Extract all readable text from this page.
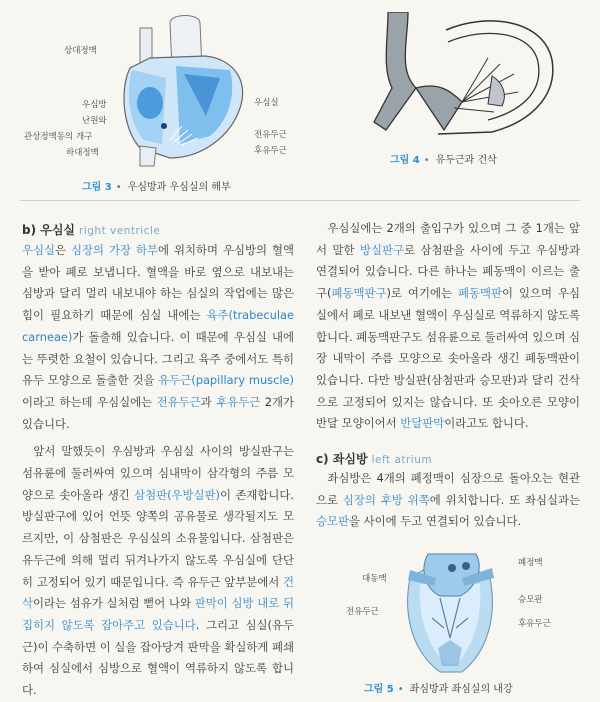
상대정맥
우심방
난원와
관상정맥동의 개구
하대정맥
우심실
전유두근
후유두근
그림 3 • 우심방과 우심실의 해부
그림 4 • 유두근과 건삭
b) 우심실 right ventricle

우심실은 심장의 가장 하부에 위치하며 우심방의 혈액을 받아 폐로 보냅니다. 혈액을 바로 옆으로 내보내는 심방과 달리 멀리 내보내야 하는 심실의 작업에는 많은 힘이 필요하기 때문에 심실 내에는 육주(trabeculae carneae)가 돌출해 있습니다. 이 때문에 우심실 내에는 뚜렷한 요철이 있습니다. 그리고 육주 중에서도 특히 유두 모양으로 돌출한 것을 유두근(papillary muscle)이라고 하는데 우심실에는 전유두근과 후유두근 2개가 있습니다.

앞서 말했듯이 우심방과 우심실 사이의 방실판구는 섬유륜에 둘러싸여 있으며 심내막이 삼각형의 주름 모양으로 솟아올라 생긴 삼첨판(우방실판)이 존재합니다. 방실판구에 있어 언뜻 양쪽의 공유물로 생각될지도 모르지만, 이 삼첨판은 우심실의 소유물입니다. 삼첨판은 유두근에 의해 멀리 뒤겨나가지 않도록 우심실에 단단히 고정되어 있기 때문입니다. 즉 유두근 앞부분에서 건삭이라는 섬유가 실처럼 뻗어 나와 판막이 심방 내로 뒤집히지 않도록 잡아주고 있습니다. 그리고 심실(유두근)이 수축하면 이 실을 잡아당겨 판막을 확실하게 폐쇄하여 심실에서 심방으로 혈액이 역류하지 않도록 합니다.

우심실에는 2개의 출입구가 있으며 그 중 1개는 앞서 말한 방실판구로 삼첨판을 사이에 두고 우심방과 연결되어 있습니다. 다른 하나는 폐동맥이 이르는 출구(폐동맥판구)로 여기에는 폐동맥판이 있으며 우심실에서 폐로 내보낸 혈액이 우심실로 역류하지 않도록 합니다. 폐동맥판구도 섬유륜으로 둘러싸여 있으며 심장 내막이 주름 모양으로 솟아올라 생긴 폐동맥판이 있습니다. 다만 방실판(삼첨판과 승모판)과 달리 건삭으로 고정되어 있지는 않습니다. 또 솟아오른 모양이 반달 모양이어서 반달판막이라고도 합니다.

c) 좌심방 left atrium

좌심방은 4개의 폐정맥이 심장으로 돌아오는 현관으로 심장의 후방 위쪽에 위치합니다. 또 좌심실과는 승모판을 사이에 두고 연결되어 있습니다.

폐정맥
대동맥
승모판
전유두근
후유두근
그림 5 • 좌심방과 좌심실의 내강
